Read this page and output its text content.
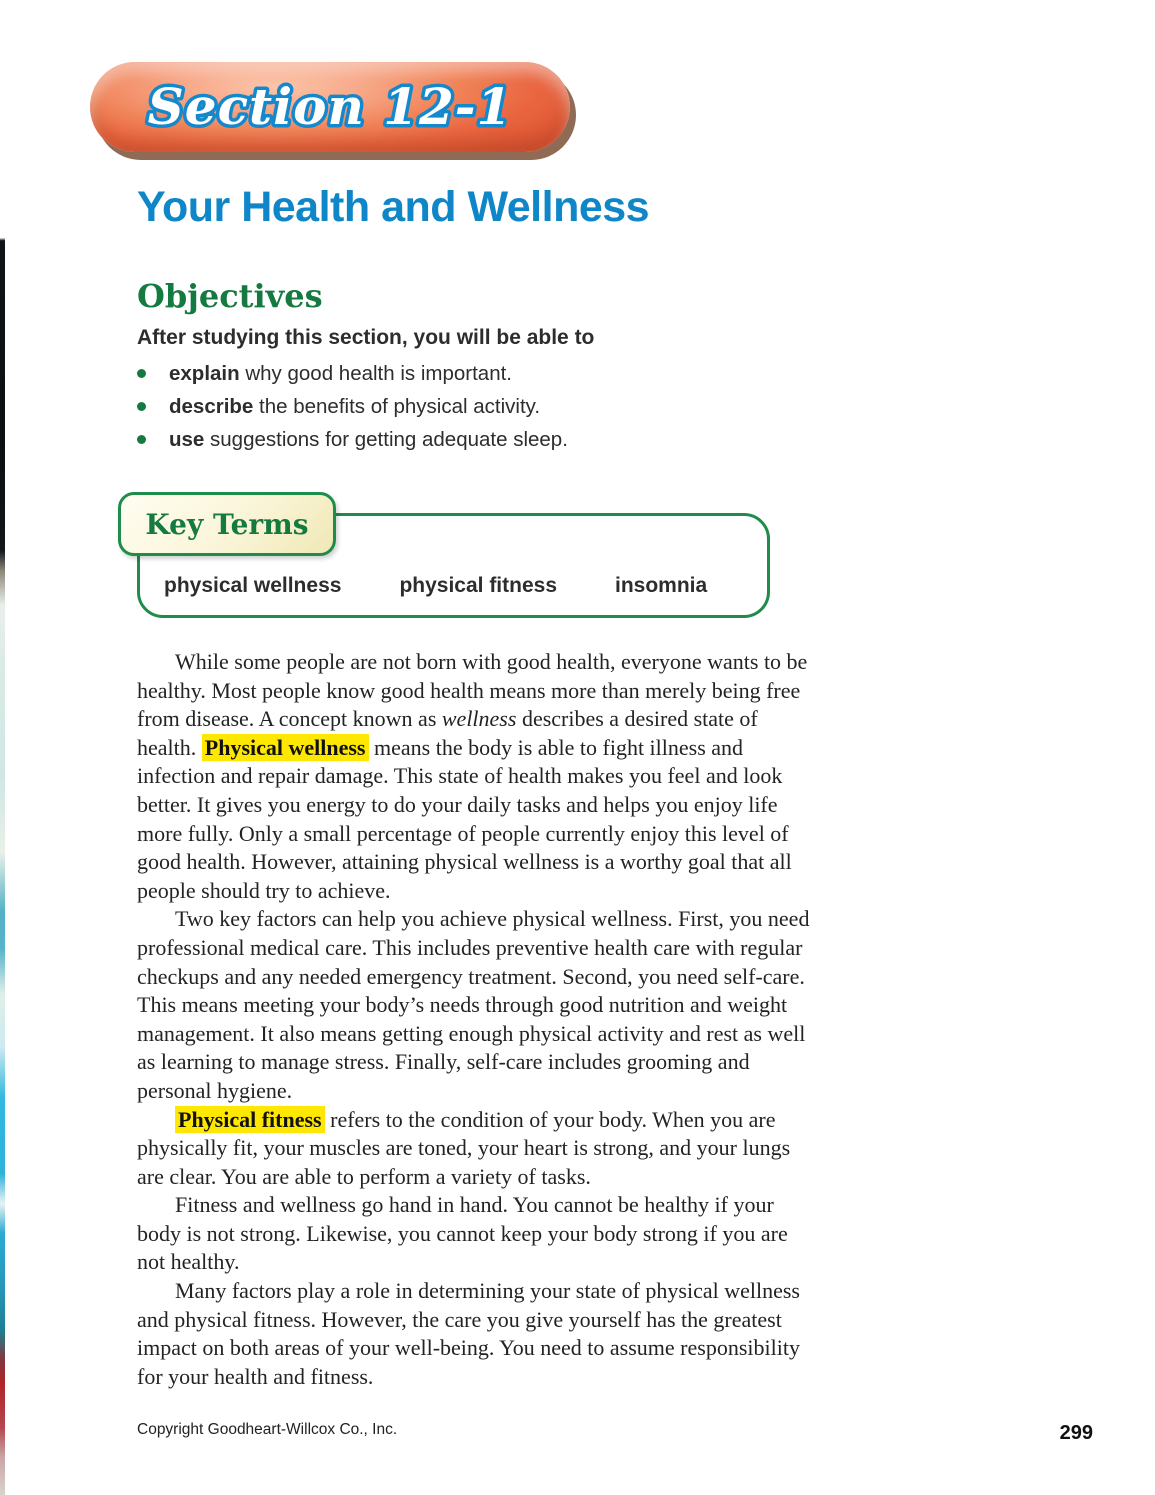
Section 12-1
Your Health and Wellness
Objectives

After studying this section, you will be able to

explain why good health is important.
describe the benefits of physical activity.
use suggestions for getting adequate sleep.
Key Terms
physical wellness	physical fitness	insomnia

While some people are not born with good health, everyone wants to be healthy. Most people know good health means more than merely being free from disease. A concept known as wellness describes a desired state of health. Physical wellness means the body is able to fight illness and infection and repair damage. This state of health makes you feel and look better. It gives you energy to do your daily tasks and helps you enjoy life more fully. Only a small percentage of people currently enjoy this level of good health. However, attaining physical wellness is a worthy goal that all people should try to achieve.

Two key factors can help you achieve physical wellness. First, you need professional medical care. This includes preventive health care with regular checkups and any needed emergency treatment. Second, you need self-care. This means meeting your body’s needs through good nutrition and weight management. It also means getting enough physical activity and rest as well as learning to manage stress. Finally, self-care includes grooming and personal hygiene.

Physical fitness refers to the condition of your body. When you are physically fit, your muscles are toned, your heart is strong, and your lungs are clear. You are able to perform a variety of tasks.

Fitness and wellness go hand in hand. You cannot be healthy if your body is not strong. Likewise, you cannot keep your body strong if you are not healthy.

Many factors play a role in determining your state of physical wellness and physical fitness. However, the care you give yourself has the greatest impact on both areas of your well-being. You need to assume responsibility for your health and fitness.

Copyright Goodheart-Willcox Co., Inc.	299
